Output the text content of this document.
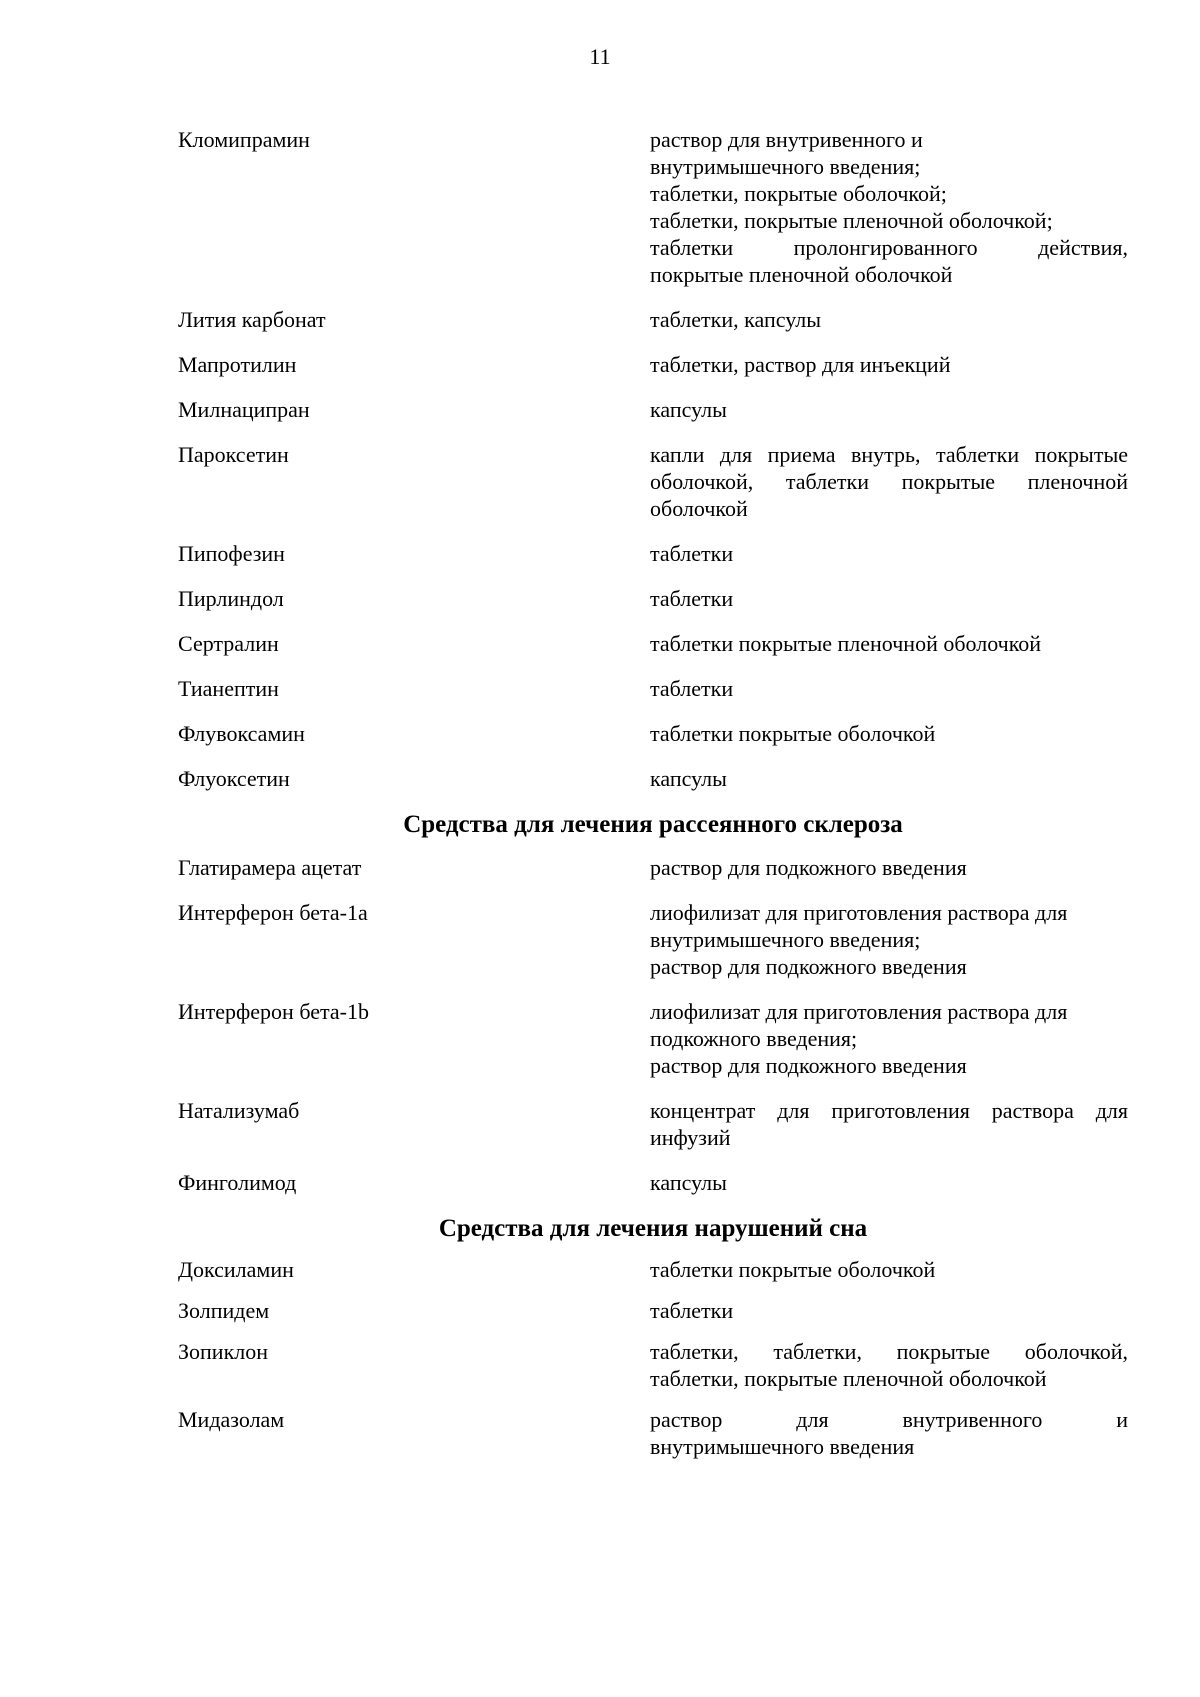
11
Кломипрамин	раствор для внутривенного и
внутримышечного введения;
таблетки, покрытые оболочкой;
таблетки, покрытые пленочной оболочкой;
таблетки пролонгированного действия,
покрытые пленочной оболочкой
Лития карбонат	таблетки, капсулы
Мапротилин	таблетки, раствор для инъекций
Милнаципран	капсулы
Пароксетин	капли для приема внутрь, таблетки покрытые
оболочкой, таблетки покрытые пленочной
оболочкой
Пипофезин	таблетки
Пирлиндол	таблетки
Сертралин	таблетки покрытые пленочной оболочкой
Тианептин	таблетки
Флувоксамин	таблетки покрытые оболочкой
Флуоксетин	капсулы
Средства для лечения рассеянного склероза
Глатирамера ацетат	раствор для подкожного введения
Интерферон бета-1а	лиофилизат для приготовления раствора для
внутримышечного введения;
раствор для подкожного введения
Интерферон бета-1b	лиофилизат для приготовления раствора для
подкожного введения;
раствор для подкожного введения
Натализумаб	концентрат для приготовления раствора для
инфузий
Финголимод	капсулы
Средства для лечения нарушений сна
Доксиламин	таблетки покрытые оболочкой
Золпидем	таблетки
Зопиклон	таблетки, таблетки, покрытые оболочкой,
таблетки, покрытые пленочной оболочкой
Мидазолам	раствор для внутривенного и
внутримышечного введения
